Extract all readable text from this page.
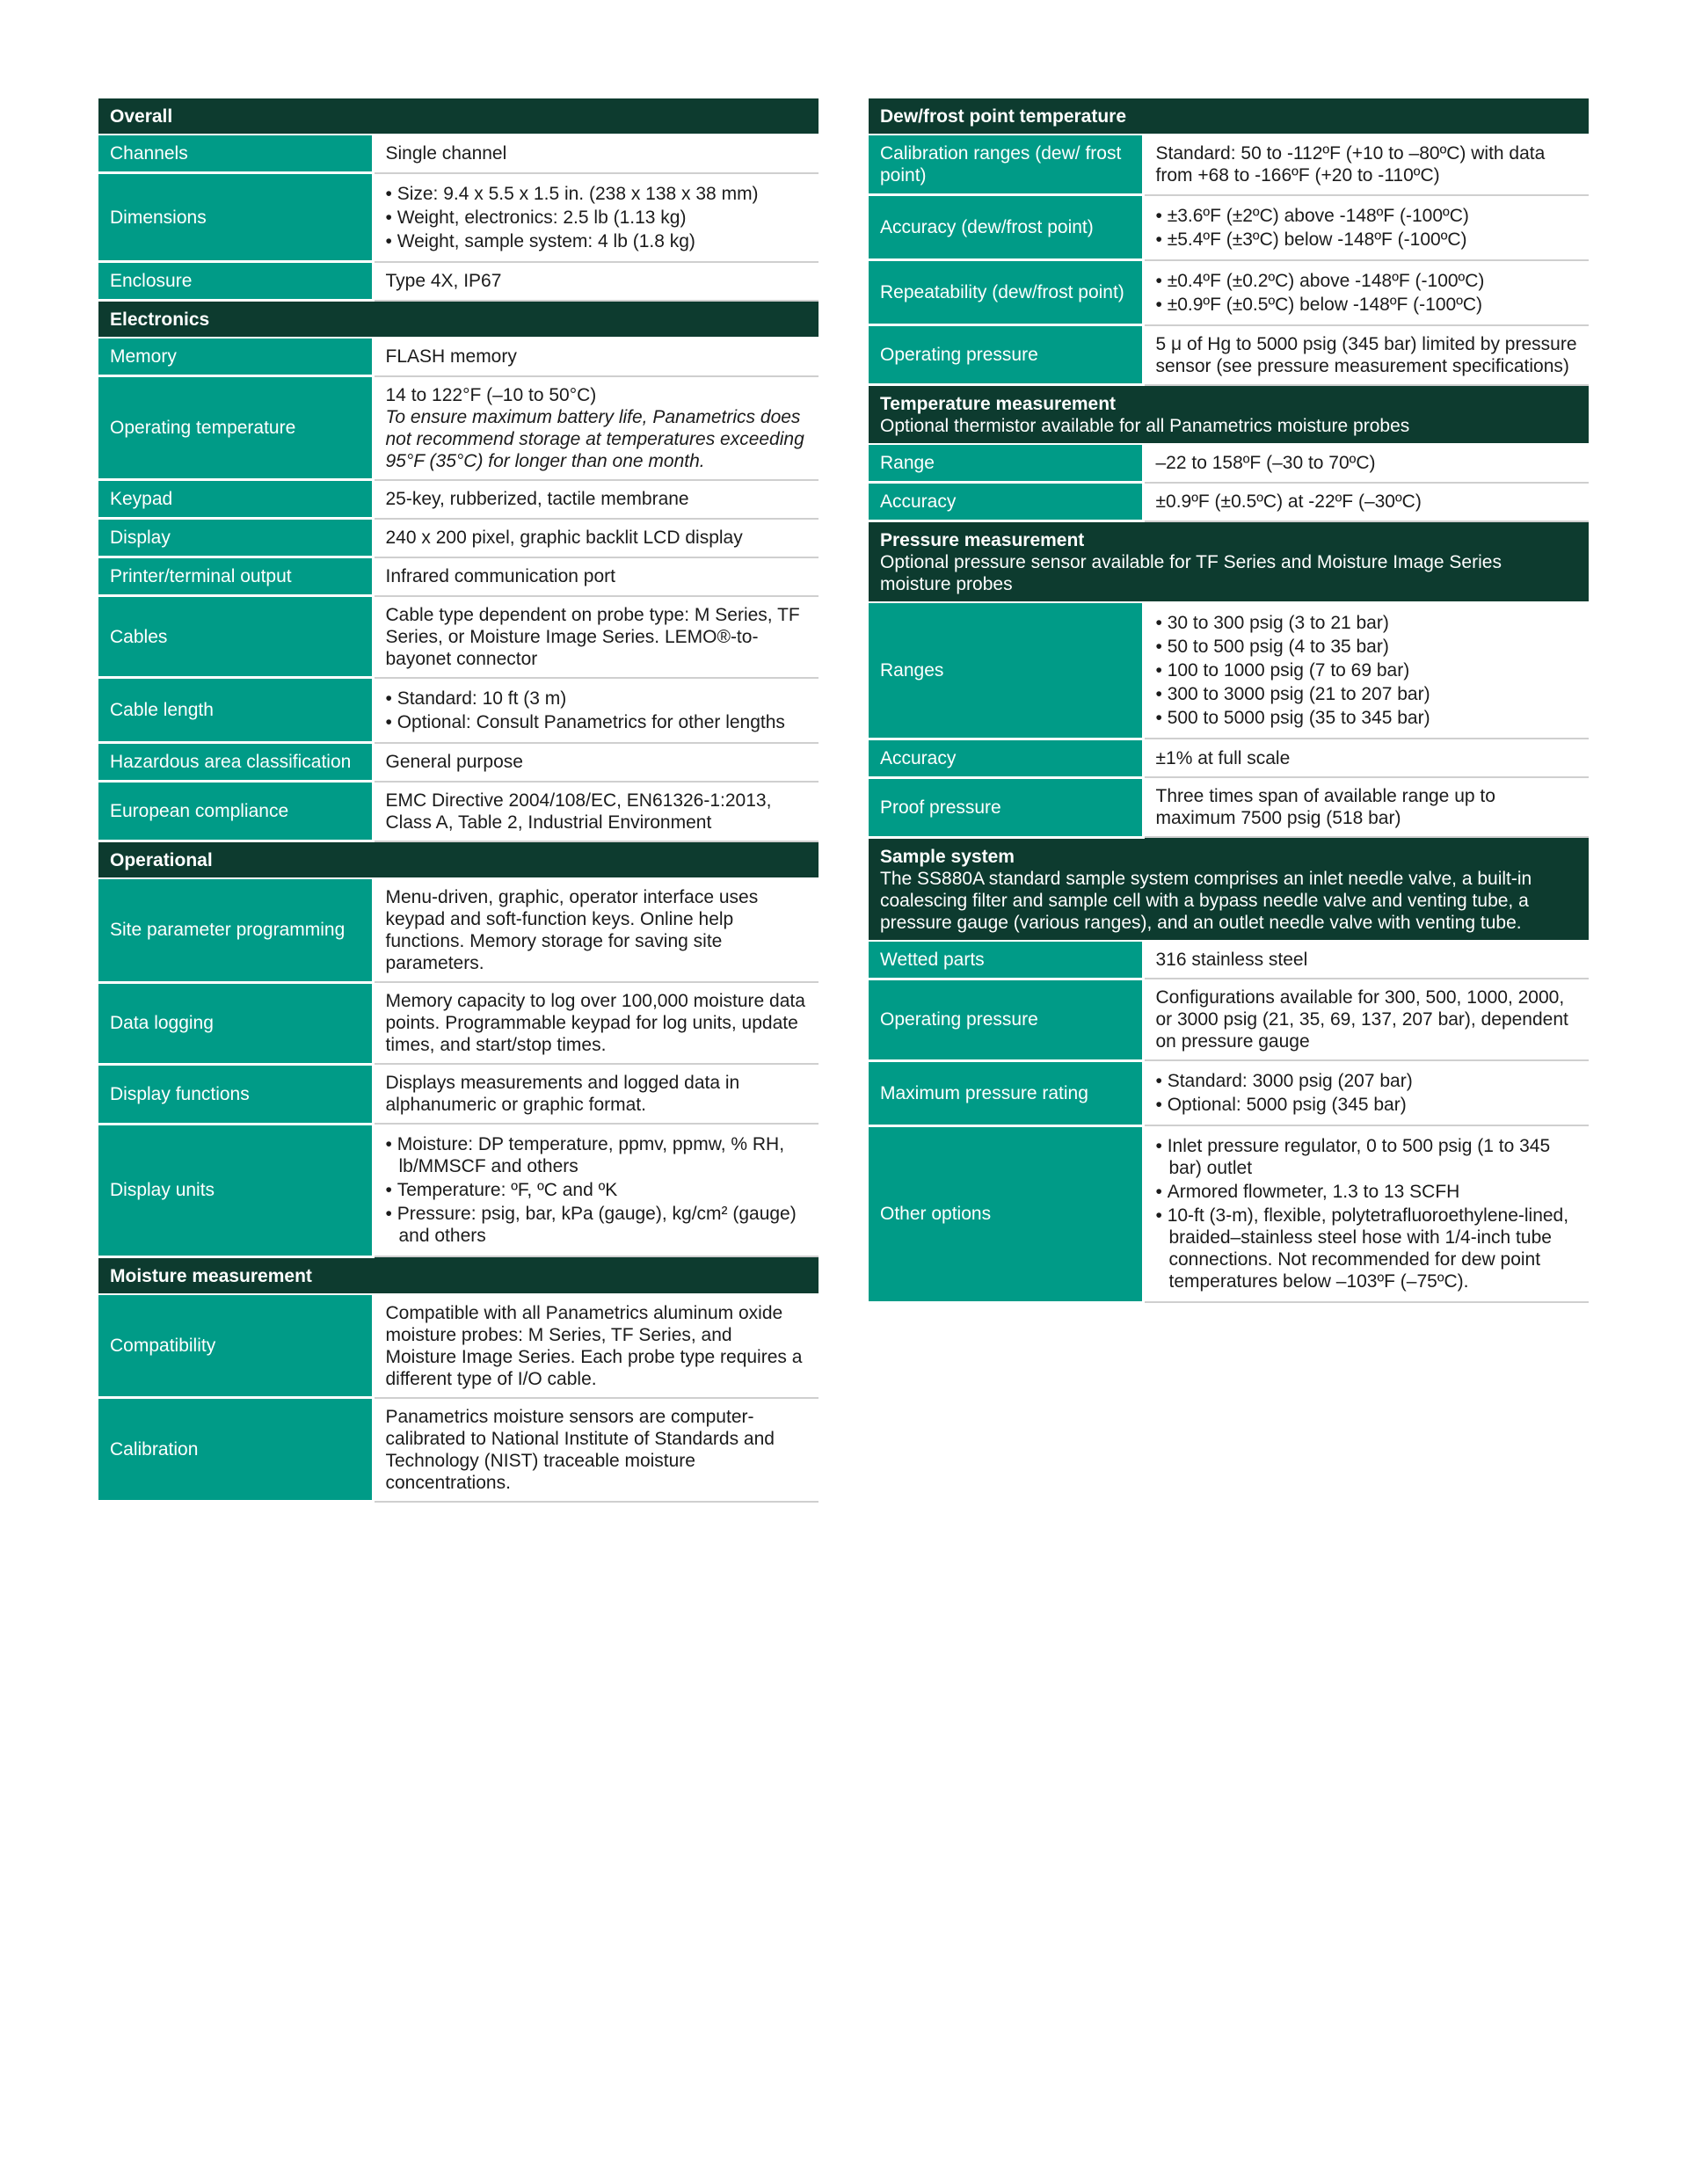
Overall	
Channels	Single channel

Dimensions	• Size: 9.4 x 5.5 x 1.5 in. (238 x 138 x 38 mm)
• Weight, electronics: 2.5 lb (1.13 kg)
• Weight, sample system: 4 lb (1.8 kg)

Enclosure	Type 4X, IP67

Electronics	
Memory	FLASH memory

Operating temperature	14 to 122°F (–10 to 50°C)
To ensure maximum battery life, Panametrics does not recommend storage at temperatures exceeding 95°F (35°C) for longer than one month.

Keypad	25-key, rubberized, tactile membrane

Display	240 x 200 pixel, graphic backlit LCD display

Printer/terminal output	Infrared communication port

Cables	Cable type dependent on probe type: M Series, TF Series, or Moisture Image Series. LEMO®-to-bayonet connector

Cable length	• Standard: 10 ft (3 m)
• Optional: Consult Panametrics for other lengths

Hazardous area classification	General purpose

European compliance	EMC Directive 2004/108/EC, EN61326-1:2013, Class A, Table 2, Industrial Environment

Operational	
Site parameter programming	Menu-driven, graphic, operator interface uses keypad and soft-function keys. Online help functions. Memory storage for saving site parameters.

Data logging	Memory capacity to log over 100,000 moisture data points. Programmable keypad for log units, update times, and start/stop times.

Display functions	Displays measurements and logged data in alphanumeric or graphic format.

Display units	• Moisture: DP temperature, ppmv, ppmw, % RH, lb/MMSCF and others
• Temperature: ºF, ºC and ºK
• Pressure: psig, bar, kPa (gauge), kg/cm² (gauge) and others

Moisture measurement	
Compatibility	Compatible with all Panametrics aluminum oxide moisture probes: M Series, TF Series, and Moisture Image Series. Each probe type requires a different type of I/O cable.

Calibration	Panametrics moisture sensors are computer-calibrated to National Institute of Standards and Technology (NIST) traceable moisture concentrations.
Dew/frost point temperature	
Calibration ranges (dew/ frost point)	Standard: 50 to -112ºF (+10 to –80ºC) with data from +68 to -166ºF (+20 to -110ºC)

Accuracy (dew/frost point)	• ±3.6ºF (±2ºC) above -148ºF (-100ºC)
• ±5.4ºF (±3ºC) below -148ºF (-100ºC)

Repeatability (dew/frost point)	• ±0.4ºF (±0.2ºC) above -148ºF (-100ºC)
• ±0.9ºF (±0.5ºC) below -148ºF (-100ºC)

Operating pressure	5 μ of Hg to 5000 psig (345 bar) limited by pressure sensor (see pressure measurement specifications)

Temperature measurement
Optional thermistor available for all Panametrics moisture probes	

Range	–22 to 158ºF (–30 to 70ºC)

Accuracy	±0.9ºF (±0.5ºC) at -22ºF (–30ºC)

Pressure measurement
Optional pressure sensor available for TF Series and Moisture Image Series moisture probes	

Ranges	• 30 to 300 psig (3 to 21 bar)
• 50 to 500 psig (4 to 35 bar)
• 100 to 1000 psig (7 to 69 bar)
• 300 to 3000 psig (21 to 207 bar)
• 500 to 5000 psig (35 to 345 bar)

Accuracy	±1% at full scale

Proof pressure	Three times span of available range up to maximum 7500 psig (518 bar)

Sample system
The SS880A standard sample system comprises an inlet needle valve, a built-in coalescing filter and sample cell with a bypass needle valve and venting tube, a pressure gauge (various ranges), and an outlet needle valve with venting tube.	

Wetted parts	316 stainless steel

Operating pressure	Configurations available for 300, 500, 1000, 2000, or 3000 psig (21, 35, 69, 137, 207 bar), dependent on pressure gauge

Maximum pressure rating	• Standard: 3000 psig (207 bar)
• Optional: 5000 psig (345 bar)

Other options	• Inlet pressure regulator, 0 to 500 psig (1 to 345 bar) outlet
• Armored flowmeter, 1.3 to 13 SCFH
• 10-ft (3-m), flexible, polytetrafluoroethylene-lined, braided–stainless steel hose with 1/4-inch tube connections. Not recommended for dew point temperatures below –103ºF (–75ºC).
